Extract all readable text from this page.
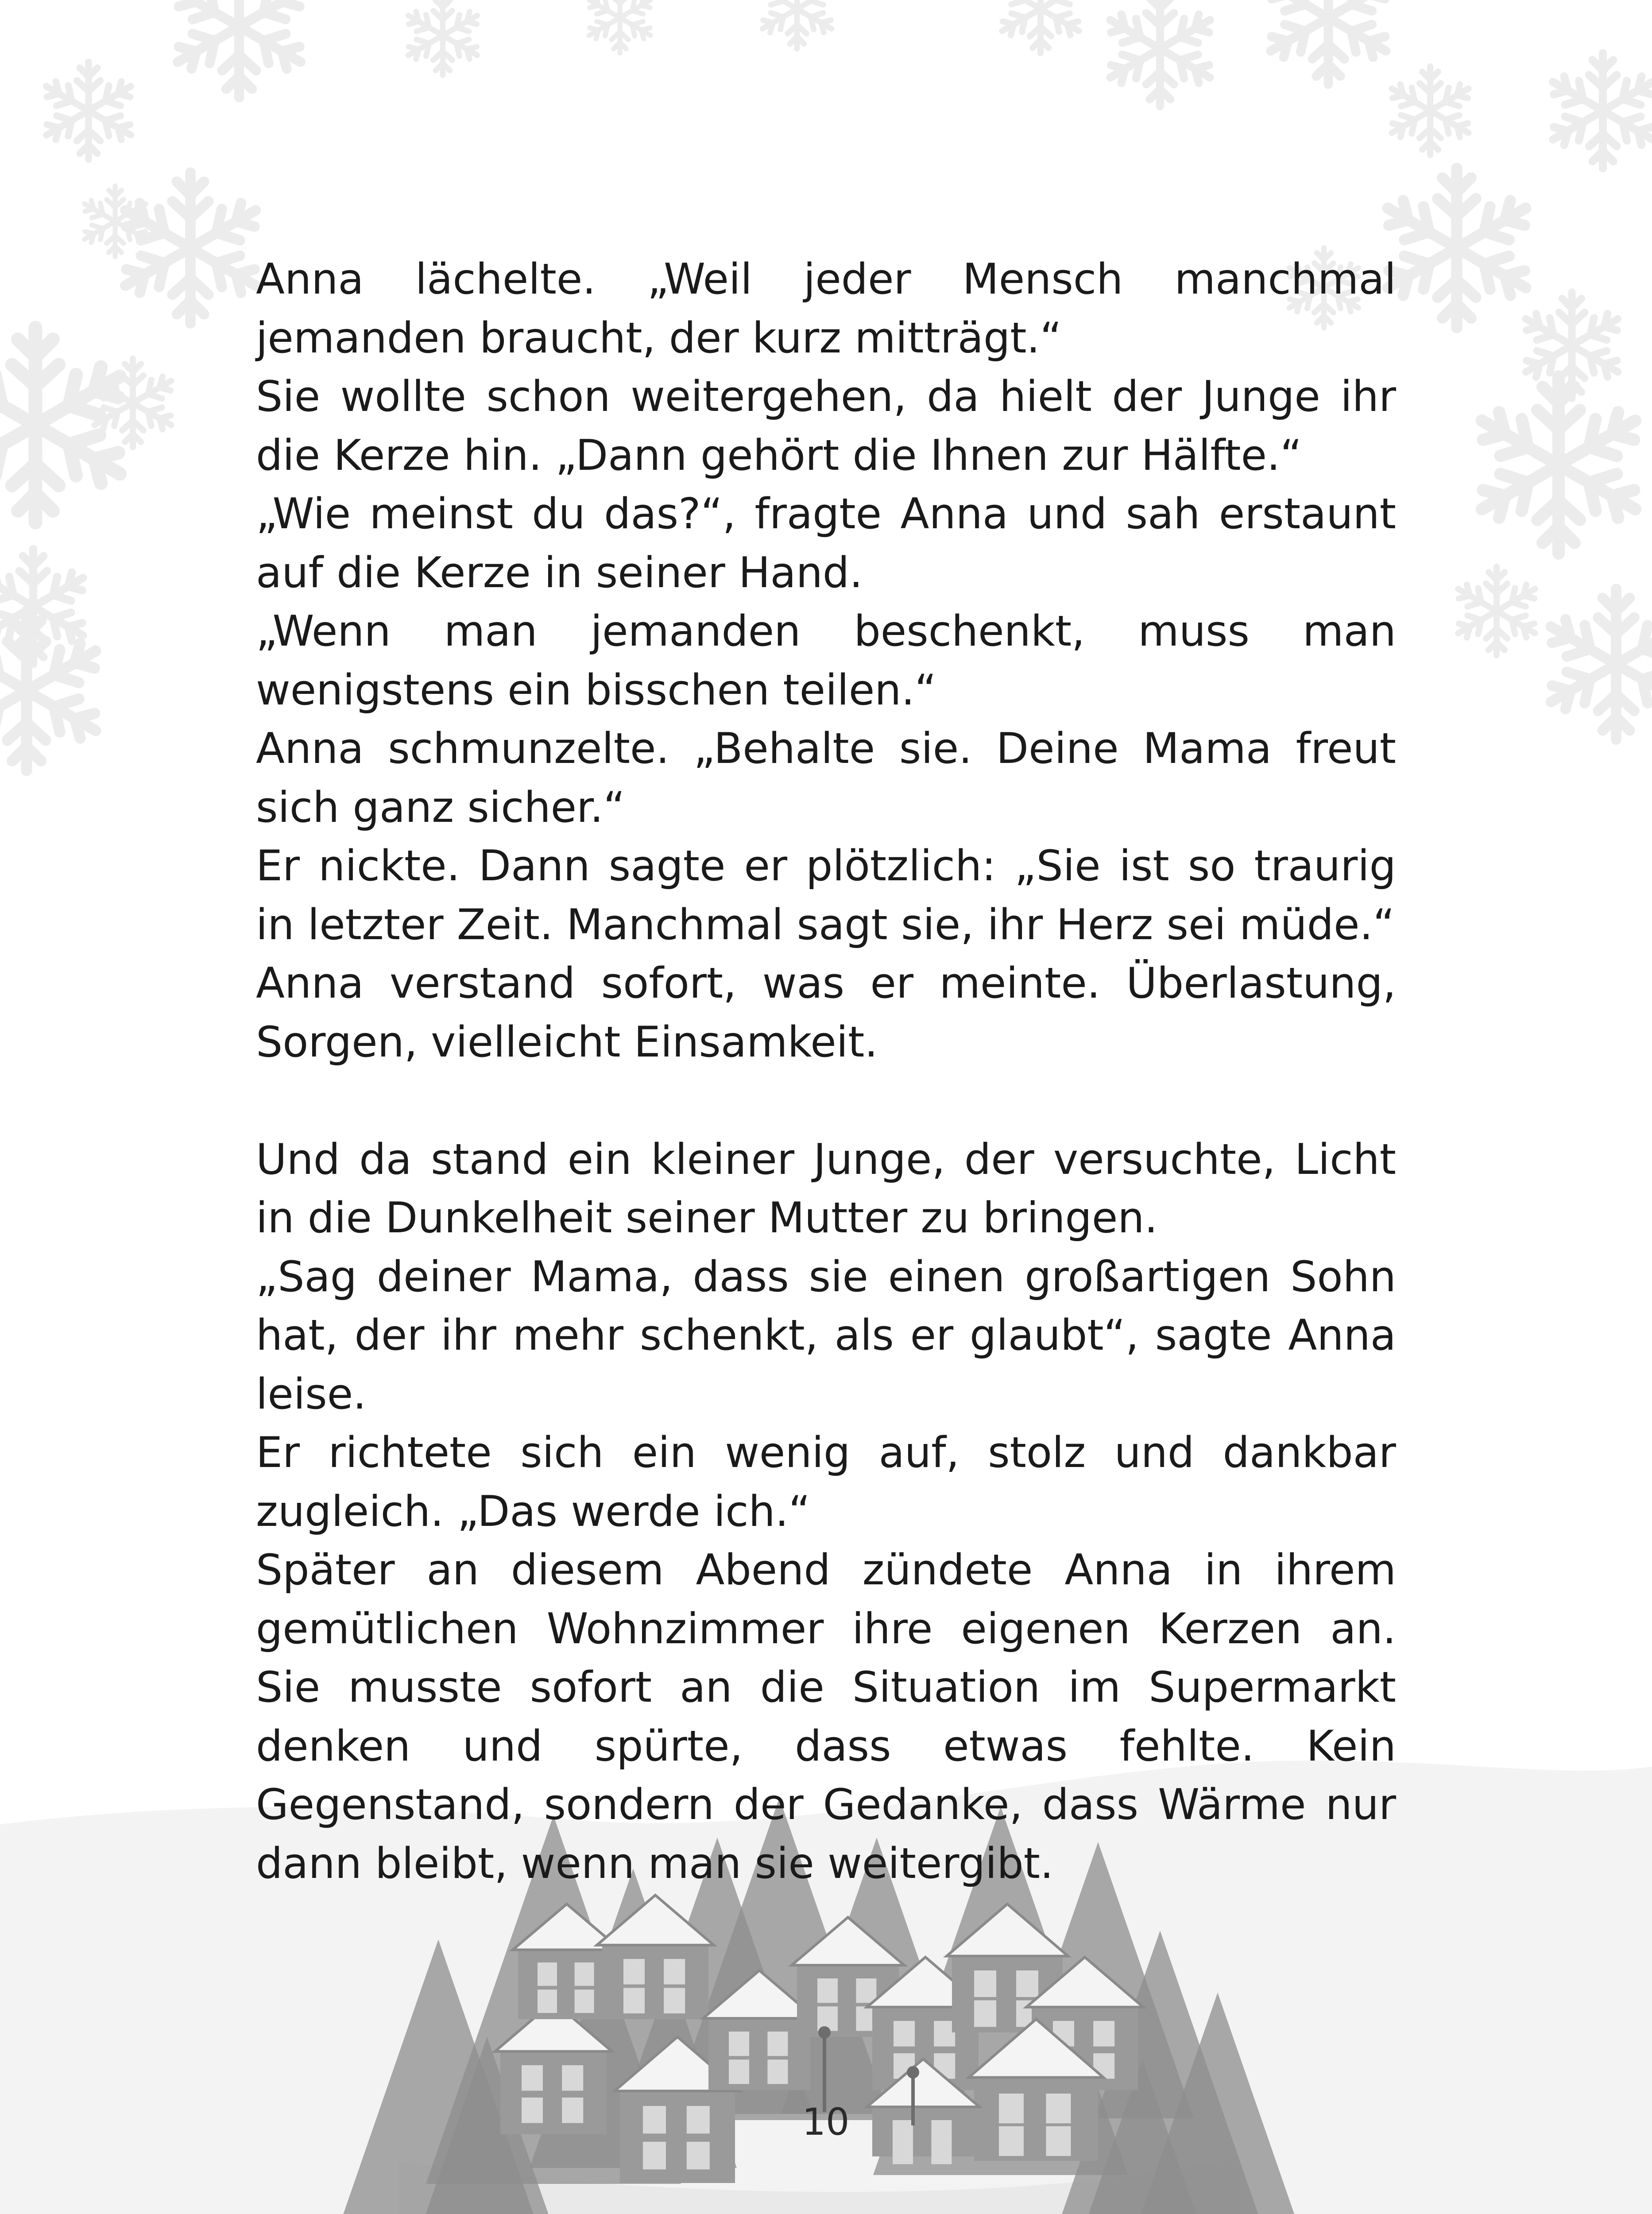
Anna lächelte. „Weil jeder Mensch manchmal jemanden braucht, der kurz mitträgt.“

Sie wollte schon weitergehen, da hielt der Junge ihr die Kerze hin. „Dann gehört die Ihnen zur Hälfte.“

„Wie meinst du das?“, fragte Anna und sah erstaunt auf die Kerze in seiner Hand.

„Wenn man jemanden beschenkt, muss man wenigstens ein bisschen teilen.“

Anna schmunzelte. „Behalte sie. Deine Mama freut sich ganz sicher.“

Er nickte. Dann sagte er plötzlich: „Sie ist so traurig in letzter Zeit. Manchmal sagt sie, ihr Herz sei müde.“

Anna verstand sofort, was er meinte. Überlastung, Sorgen, vielleicht Einsamkeit.

Und da stand ein kleiner Junge, der versuchte, Licht in die Dunkelheit seiner Mutter zu bringen.

„Sag deiner Mama, dass sie einen großartigen Sohn hat, der ihr mehr schenkt, als er glaubt“, sagte Anna leise.

Er richtete sich ein wenig auf, stolz und dankbar zugleich. „Das werde ich.“

Später an diesem Abend zündete Anna in ihrem gemütlichen Wohnzimmer ihre eigenen Kerzen an. Sie musste sofort an die Situation im Supermarkt denken und spürte, dass etwas fehlte. Kein Gegenstand, sondern der Gedanke, dass Wärme nur dann bleibt, wenn man sie weitergibt.

10
